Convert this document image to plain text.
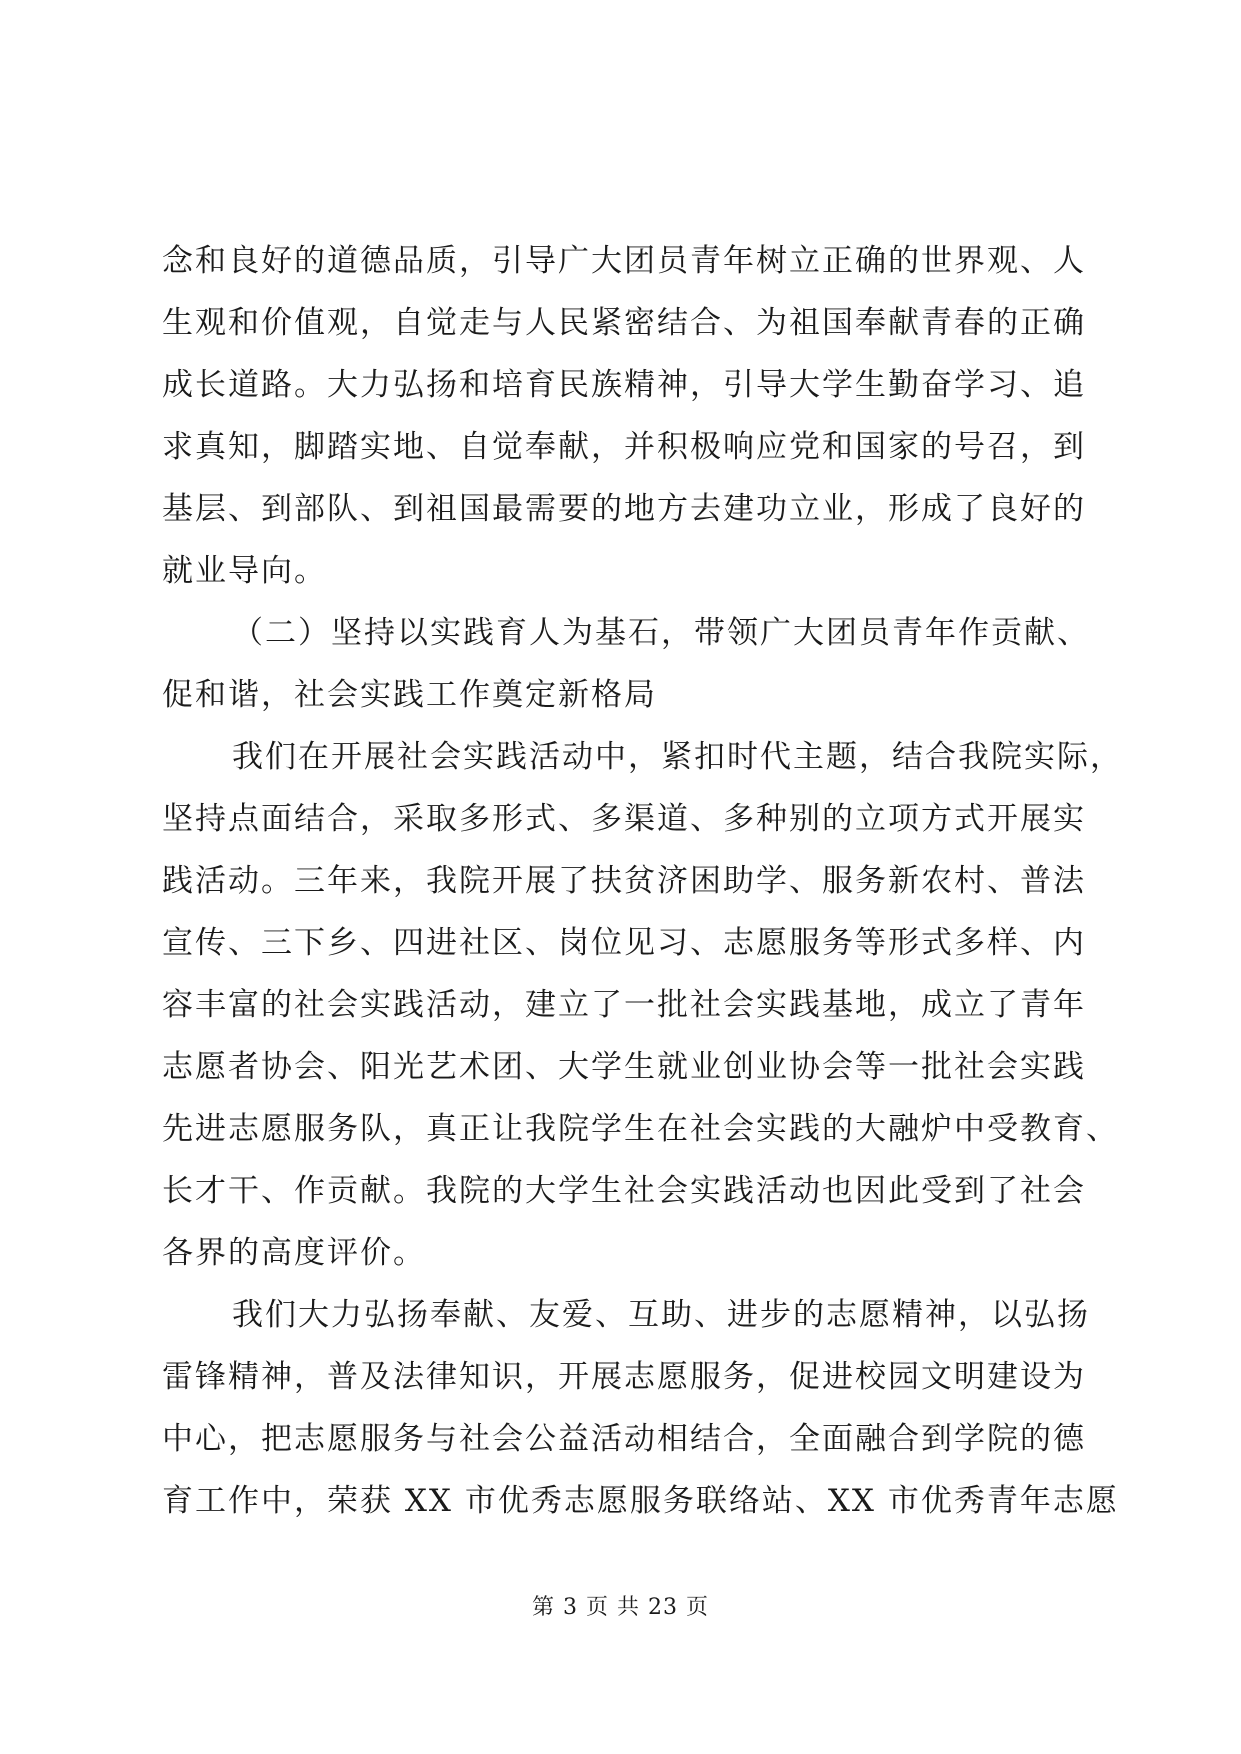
念和良好的道德品质，引导广大团员青年树立正确的世界观、人
生观和价值观，自觉走与人民紧密结合、为祖国奉献青春的正确
成长道路。大力弘扬和培育民族精神，引导大学生勤奋学习、追
求真知，脚踏实地、自觉奉献，并积极响应党和国家的号召，到
基层、到部队、到祖国最需要的地方去建功立业，形成了良好的
就业导向。
（二）坚持以实践育人为基石，带领广大团员青年作贡献、
促和谐，社会实践工作奠定新格局
我们在开展社会实践活动中，紧扣时代主题，结合我院实际，
坚持点面结合，采取多形式、多渠道、多种别的立项方式开展实
践活动。三年来，我院开展了扶贫济困助学、服务新农村、普法
宣传、三下乡、四进社区、岗位见习、志愿服务等形式多样、内
容丰富的社会实践活动，建立了一批社会实践基地，成立了青年
志愿者协会、阳光艺术团、大学生就业创业协会等一批社会实践
先进志愿服务队，真正让我院学生在社会实践的大融炉中受教育、
长才干、作贡献。我院的大学生社会实践活动也因此受到了社会
各界的高度评价。
我们大力弘扬奉献、友爱、互助、进步的志愿精神，以弘扬
雷锋精神，普及法律知识，开展志愿服务，促进校园文明建设为
中心，把志愿服务与社会公益活动相结合，全面融合到学院的德
育工作中，荣获 XX 市优秀志愿服务联络站、XX 市优秀青年志愿
第 3 页 共 23 页
